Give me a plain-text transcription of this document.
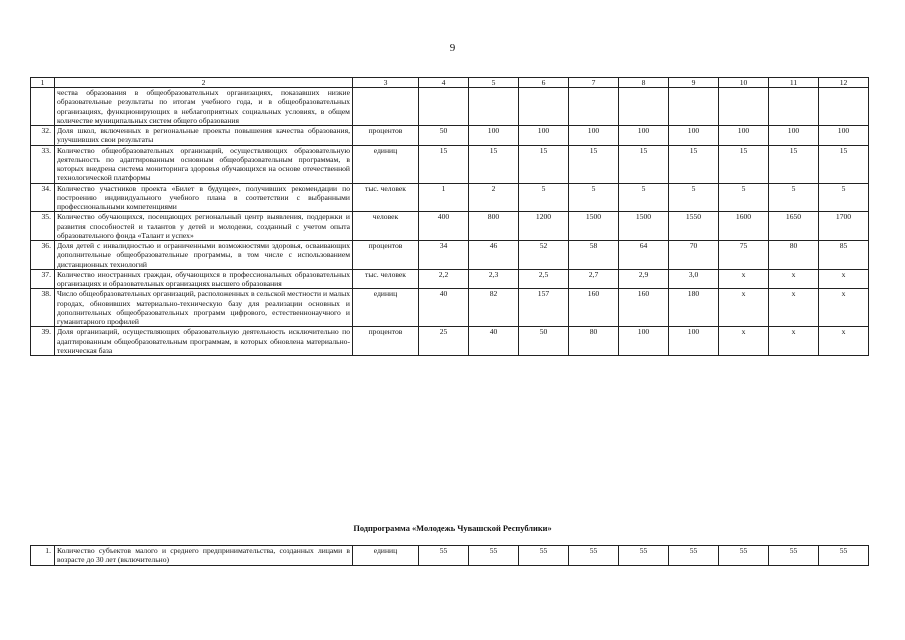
9
1	2	3	4	5	6	7	8	9	10	11	12
	чества образования в общеобразовательных организациях, показавших низкие образовательные результаты по итогам учебного года, и в общеобразовательных организациях, функционирующих в неблагоприятных социальных условиях, в общем количестве муниципальных систем общего образования										
32.	Доля школ, включенных в региональные проекты повышения качества образования, улучшивших свои результаты	процентов	50	100	100	100	100	100	100	100	100
33.	Количество общеобразовательных организаций, осуществляющих образовательную деятельность по адаптированным основным общеобразовательным программам, в которых внедрена система мониторинга здоровья обучающихся на основе отечественной технологической платформы	единиц	15	15	15	15	15	15	15	15	15
34.	Количество участников проекта «Билет в будущее», получивших рекомендации по построению индивидуального учебного плана в соответствии с выбранными профессиональными компетенциями	тыс. человек	1	2	5	5	5	5	5	5	5
35.	Количество обучающихся, посещающих региональный центр выявления, поддержки и развития способностей и талантов у детей и молодежи, созданный с учетом опыта образовательного фонда «Талант и успех»	человек	400	800	1200	1500	1500	1550	1600	1650	1700
36.	Доля детей с инвалидностью и ограниченными возможностями здоровья, осваивающих дополнительные общеобразовательные программы, в том числе с использованием дистанционных технологий	процентов	34	46	52	58	64	70	75	80	85
37.	Количество иностранных граждан, обучающихся в профессиональных образовательных организациях и образовательных организациях высшего образования	тыс. человек	2,2	2,3	2,5	2,7	2,9	3,0	х	х	х
38.	Число общеобразовательных организаций, расположенных в сельской местности и малых городах, обновивших материально-техническую базу для реализации основных и дополнительных общеобразовательных программ цифрового, естественнонаучного и гуманитарного профилей	единиц	40	82	157	160	160	180	х	х	х
39.	Доля организаций, осуществляющих образовательную деятельность исключительно по адаптированным общеобразовательным программам, в которых обновлена материально-техническая база	процентов	25	40	50	80	100	100	х	х	х
Подпрограмма «Молодежь Чувашской Республики»
1.	Количество субъектов малого и среднего предпринимательства, созданных лицами в возрасте до 30 лет (включительно)	единиц	55	55	55	55	55	55	55	55	55
